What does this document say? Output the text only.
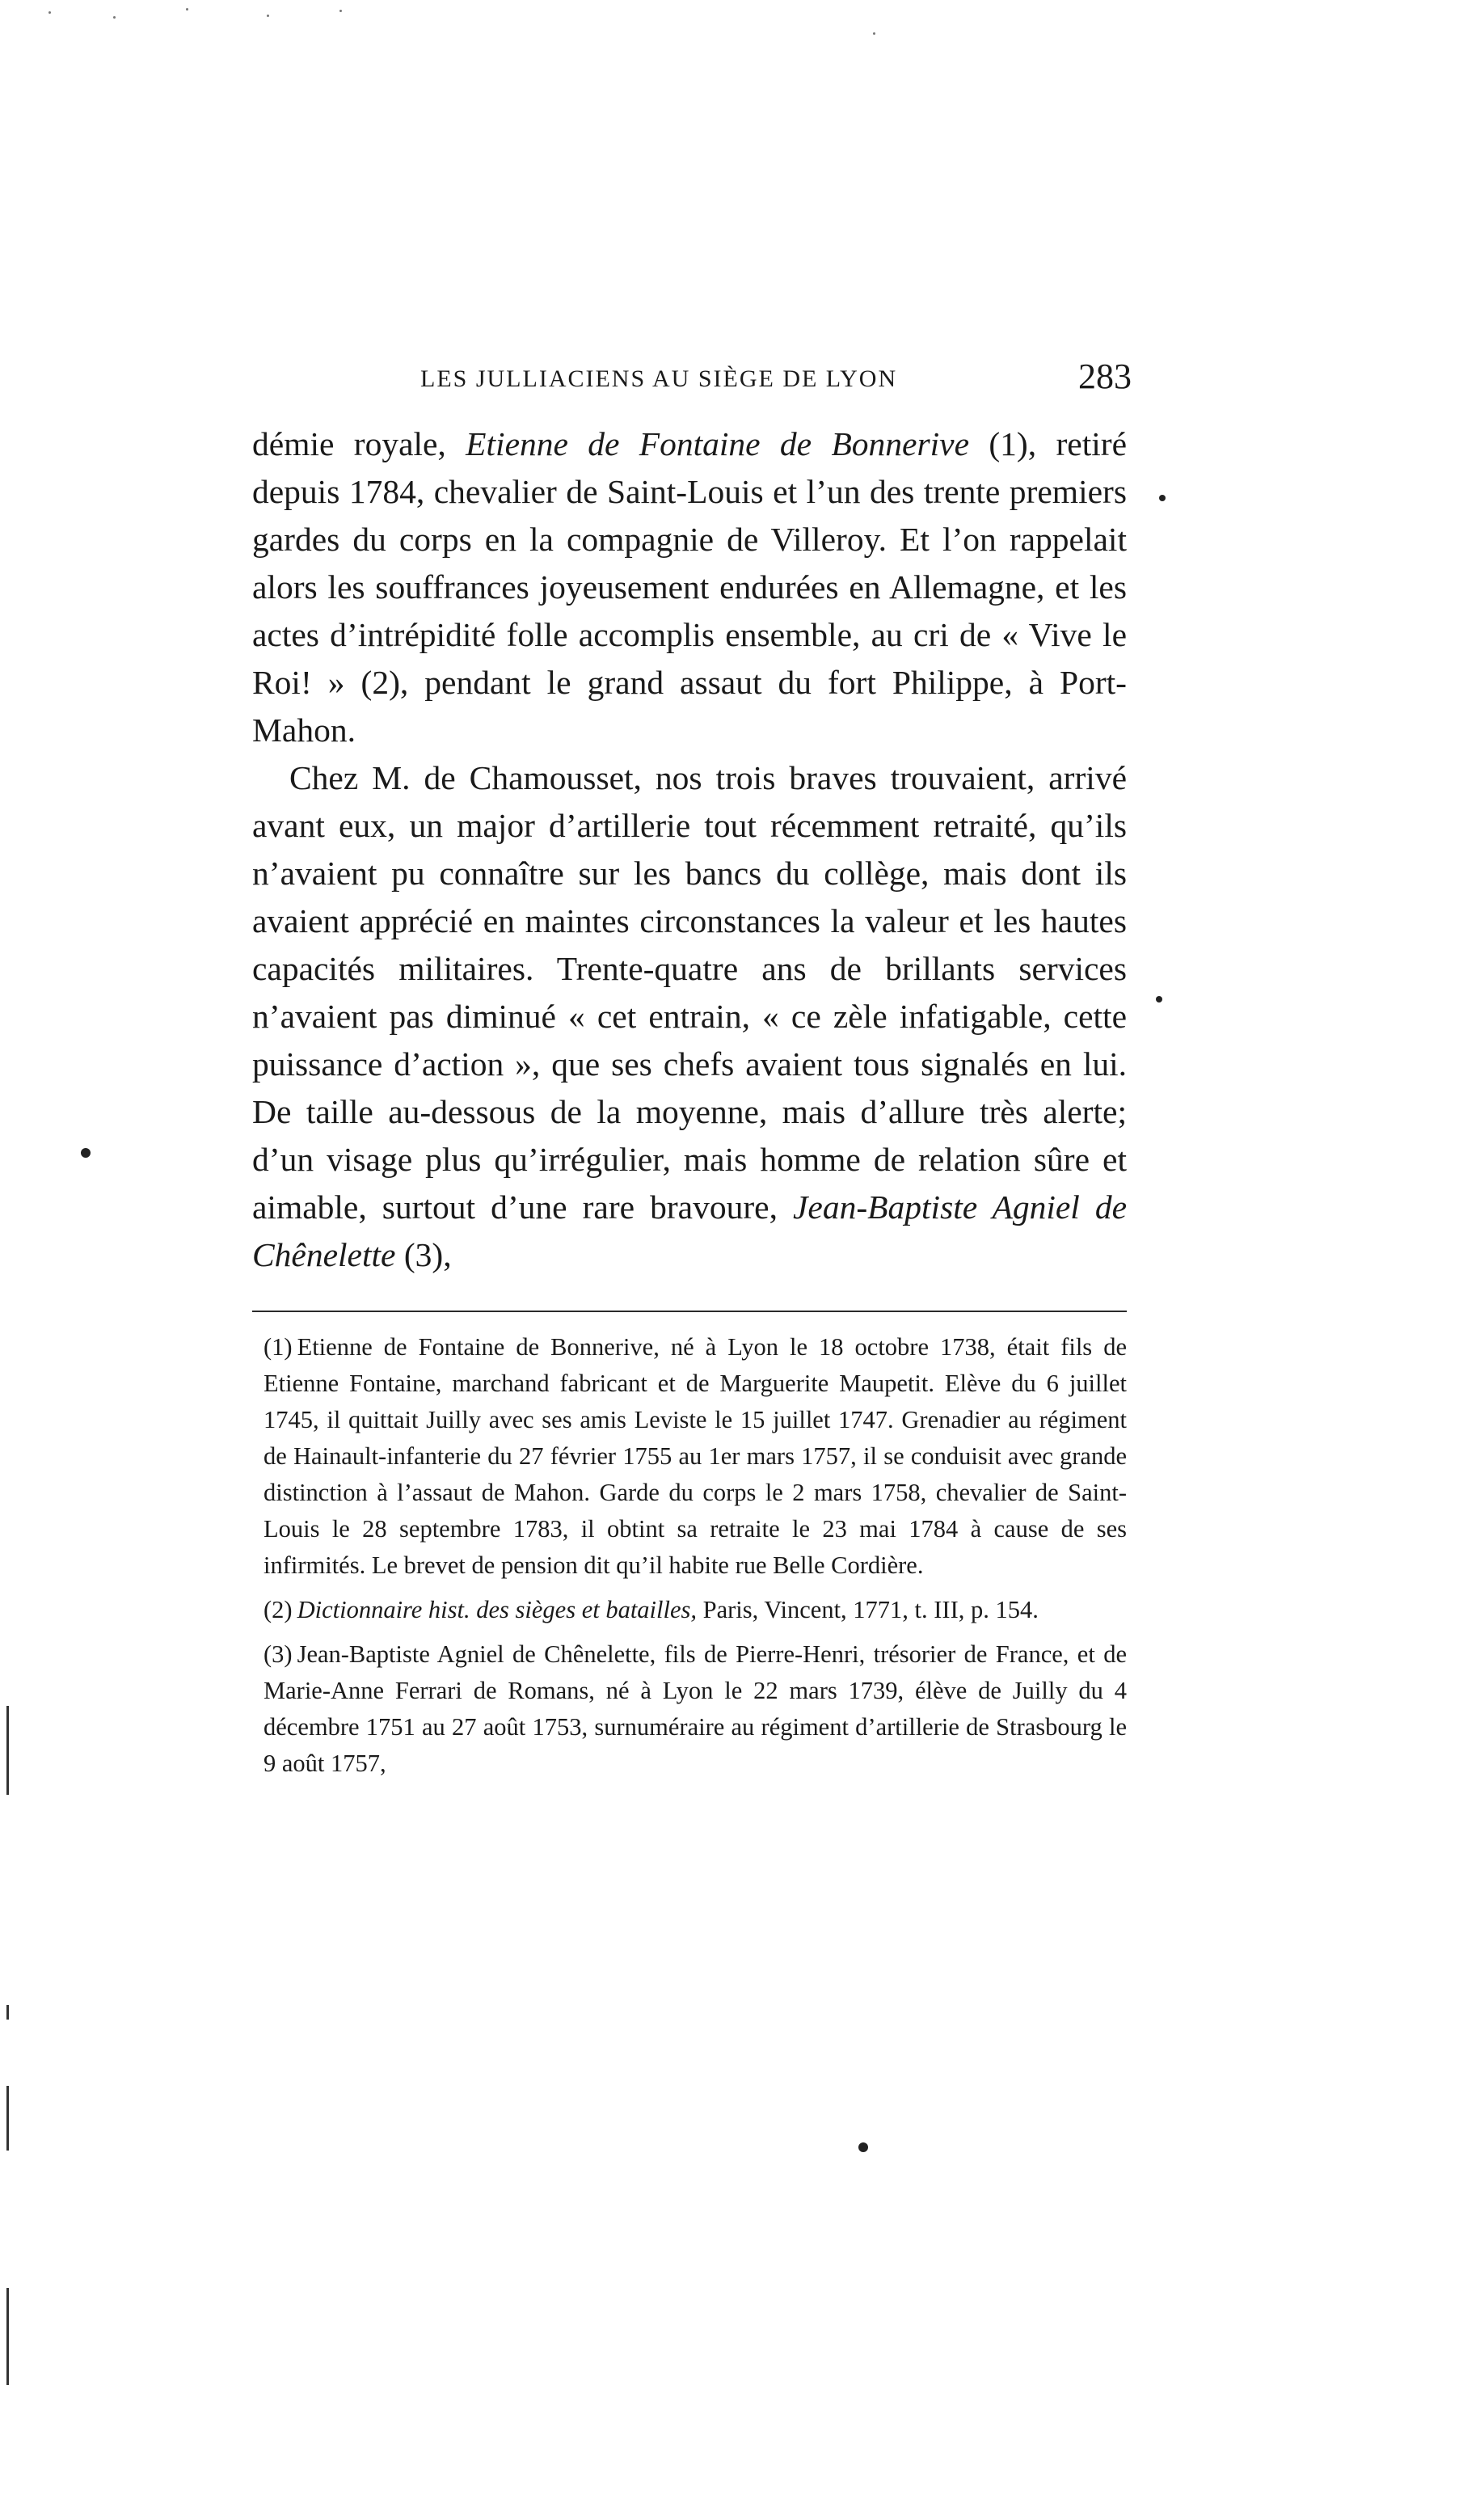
LES JULLIACIENS AU SIÈGE DE LYON	283

démie royale, Etienne de Fontaine de Bonnerive (1), retiré depuis 1784, chevalier de Saint-Louis et l’un des trente premiers gardes du corps en la compagnie de Villeroy. Et l’on rappelait alors les souffrances joyeusement endurées en Allemagne, et les actes d’intrépidité folle accomplis ensemble, au cri de « Vive le Roi! » (2), pendant le grand assaut du fort Philippe, à Port-Mahon.

Chez M. de Chamousset, nos trois braves trouvaient, arrivé avant eux, un major d’artillerie tout récemment retraité, qu’ils n’avaient pu connaître sur les bancs du collège, mais dont ils avaient apprécié en maintes circonstances la valeur et les hautes capacités militaires. Trente-quatre ans de brillants services n’avaient pas diminué « cet entrain, « ce zèle infatigable, cette puissance d’action », que ses chefs avaient tous signalés en lui. De taille au-dessous de la moyenne, mais d’allure très alerte; d’un visage plus qu’irrégulier, mais homme de relation sûre et aimable, surtout d’une rare bravoure, Jean-Baptiste Agniel de Chênelette (3),

(1) Etienne de Fontaine de Bonnerive, né à Lyon le 18 octobre 1738, était fils de Etienne Fontaine, marchand fabricant et de Marguerite Maupetit. Elève du 6 juillet 1745, il quittait Juilly avec ses amis Leviste le 15 juillet 1747. Grenadier au régiment de Hainault-infanterie du 27 février 1755 au 1er mars 1757, il se conduisit avec grande distinction à l’assaut de Mahon. Garde du corps le 2 mars 1758, chevalier de Saint-Louis le 28 septembre 1783, il obtint sa retraite le 23 mai 1784 à cause de ses infirmités. Le brevet de pension dit qu’il habite rue Belle Cordière.

(2) Dictionnaire hist. des sièges et batailles, Paris, Vincent, 1771, t. III, p. 154.

(3) Jean-Baptiste Agniel de Chênelette, fils de Pierre-Henri, trésorier de France, et de Marie-Anne Ferrari de Romans, né à Lyon le 22 mars 1739, élève de Juilly du 4 décembre 1751 au 27 août 1753, surnuméraire au régiment d’artillerie de Strasbourg le 9 août 1757,
